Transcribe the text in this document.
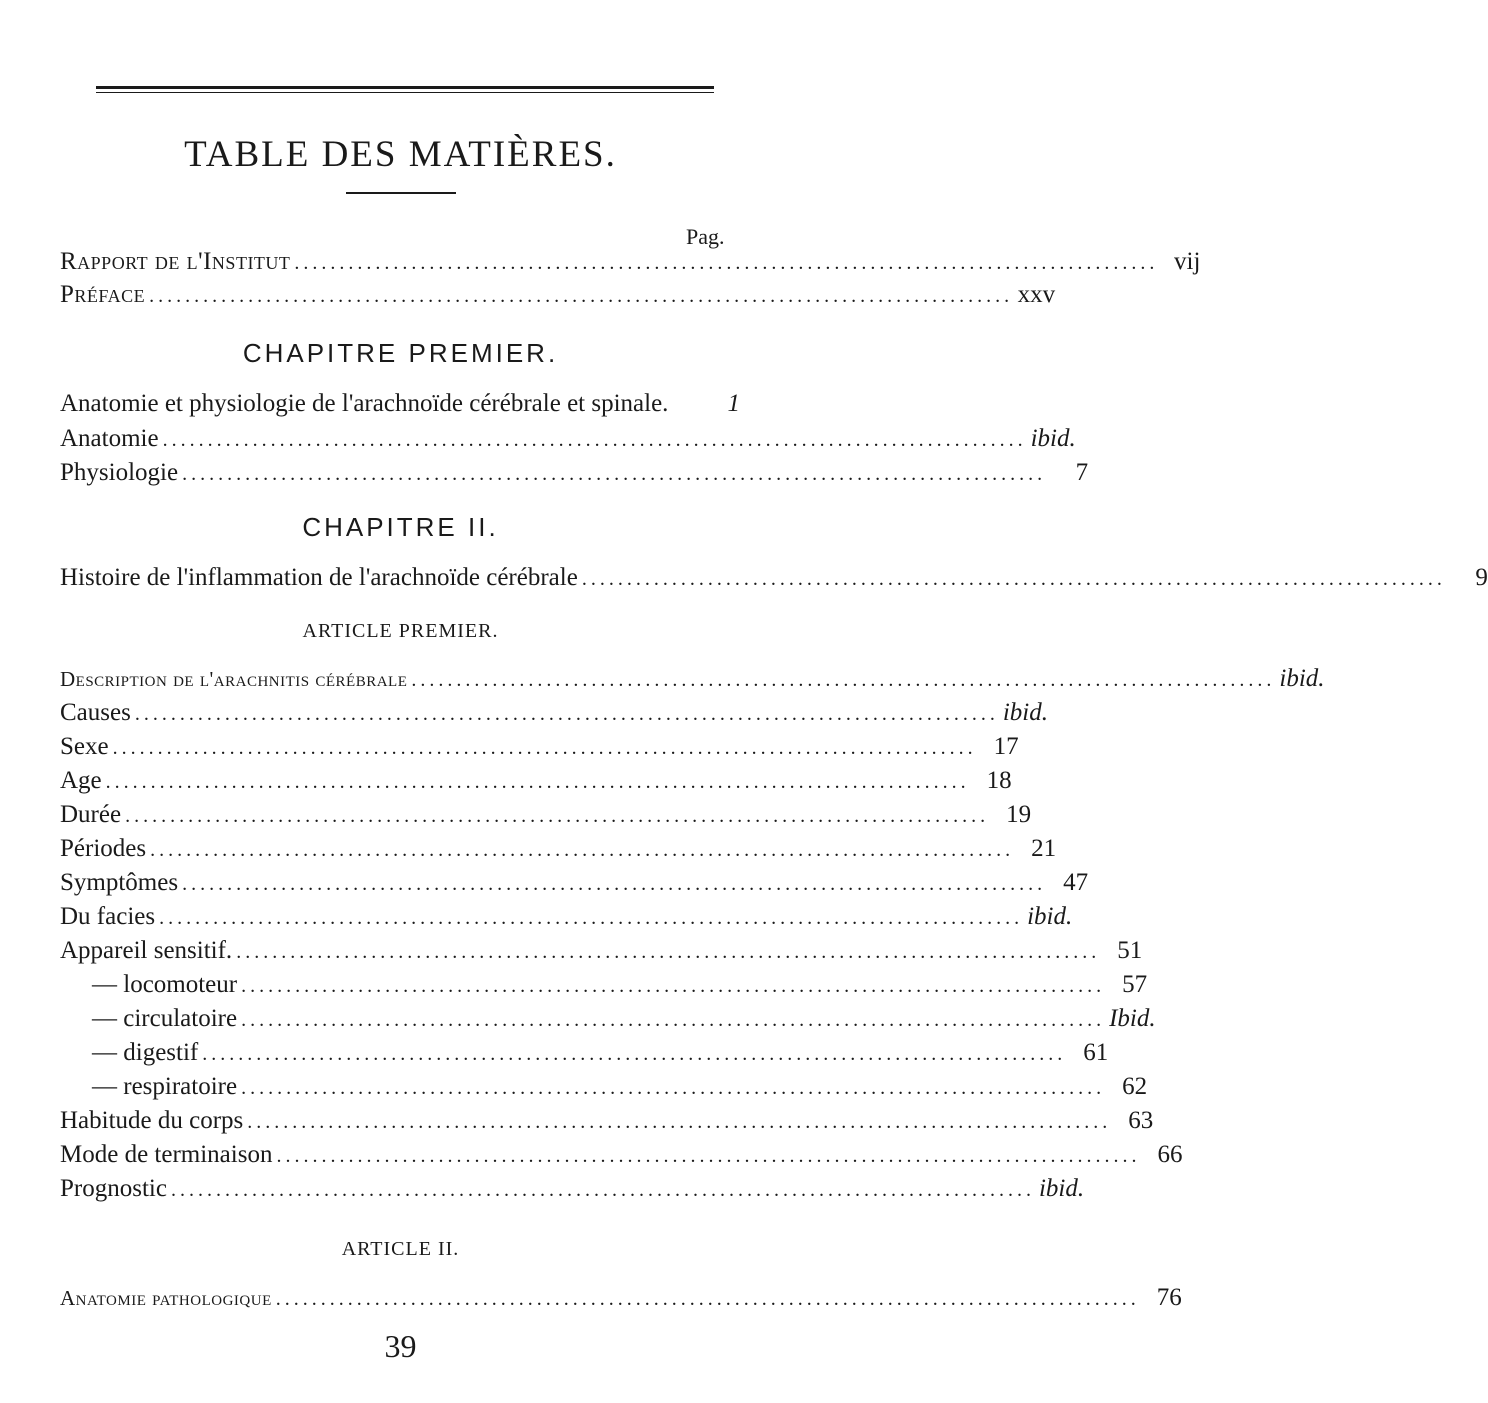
TABLE DES MATIÈRES.
Pag.
Rapport de l'Institut ................................................................................................ vij
Préface ................................................................................................ xxv
CHAPITRE PREMIER.
Anatomie et physiologie de l'arachnoïde cérébrale et spinale.	1
Anatomie ................................................................................................ ibid.
Physiologie ................................................................................................	7
CHAPITRE II.
Histoire de l'inflammation de l'arachnoïde cérébrale ................................................................................................	9
ARTICLE PREMIER.
Description de l'arachnitis cérébrale ................................................................................................ ibid.
Causes ................................................................................................ ibid.
Sexe ................................................................................................ 17
Age ................................................................................................ 18
Durée ................................................................................................ 19
Périodes ................................................................................................ 21
Symptômes ................................................................................................ 47
Du facies ................................................................................................ ibid.
Appareil sensitif. ................................................................................................ 51
— locomoteur ................................................................................................ 57
— circulatoire ................................................................................................ Ibid.
— digestif ................................................................................................ 61
— respiratoire ................................................................................................ 62
Habitude du corps ................................................................................................ 63
Mode de terminaison ................................................................................................ 66
Prognostic ................................................................................................ ibid.
ARTICLE II.
Anatomie pathologique ................................................................................................ 76
39
